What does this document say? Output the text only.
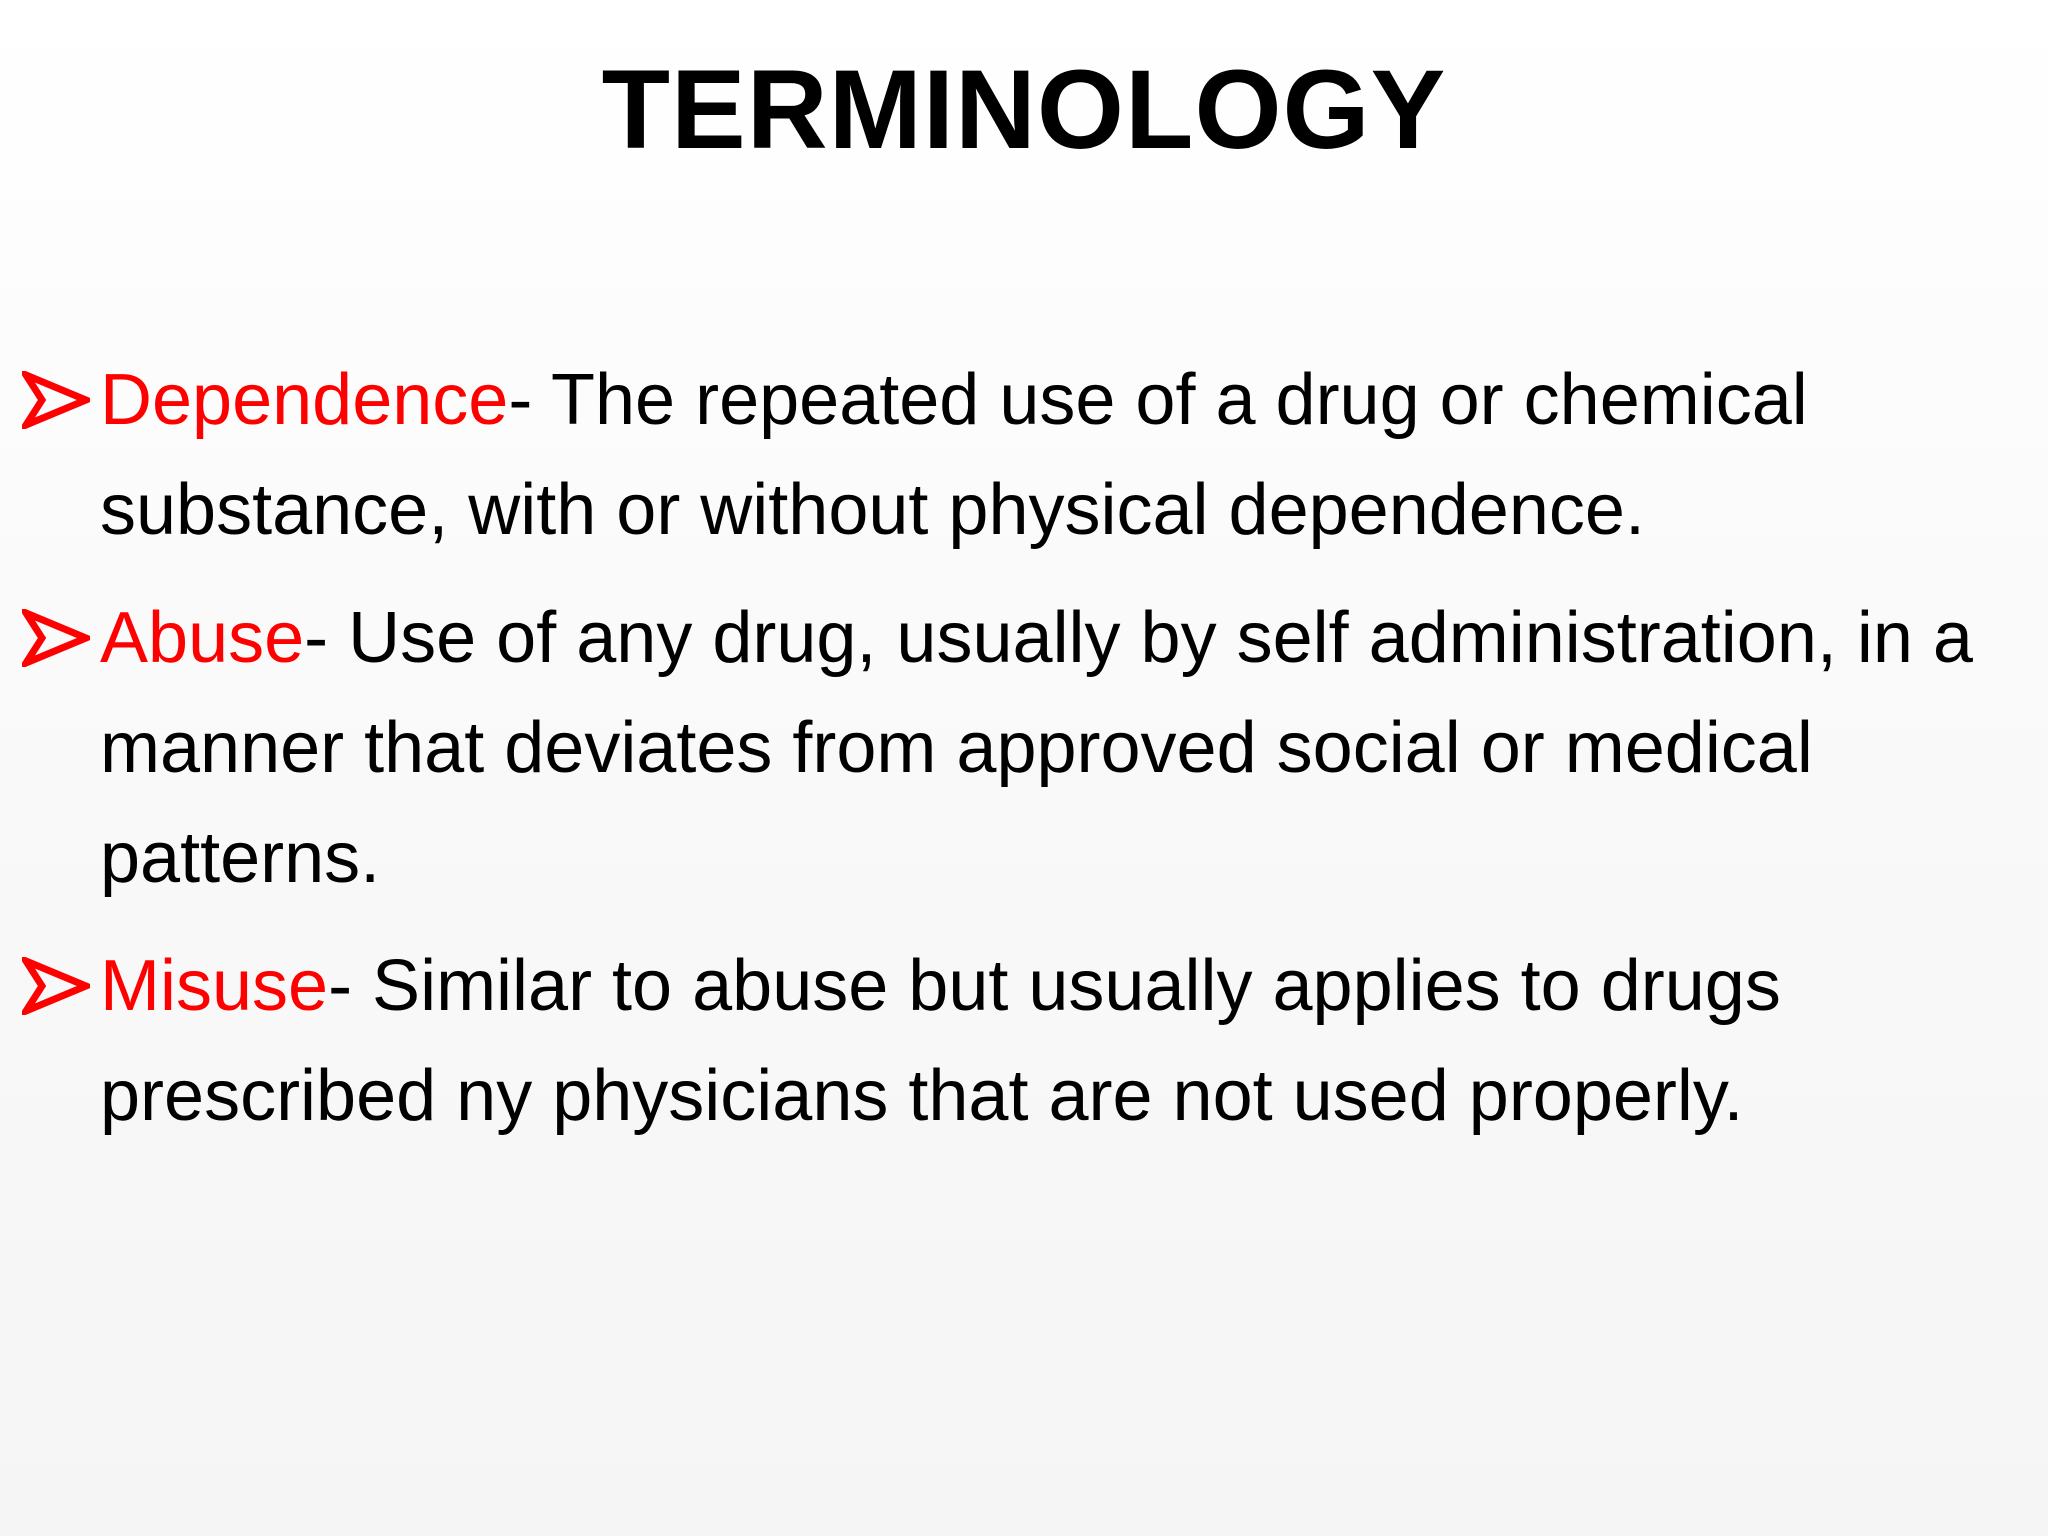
TERMINOLOGY
Dependence- The repeated use of a drug or chemical substance, with or without physical dependence.
Abuse- Use of any drug, usually by self administration, in a manner that deviates from approved social or medical patterns.
Misuse- Similar to abuse but usually applies to drugs prescribed ny physicians that are not used properly.
